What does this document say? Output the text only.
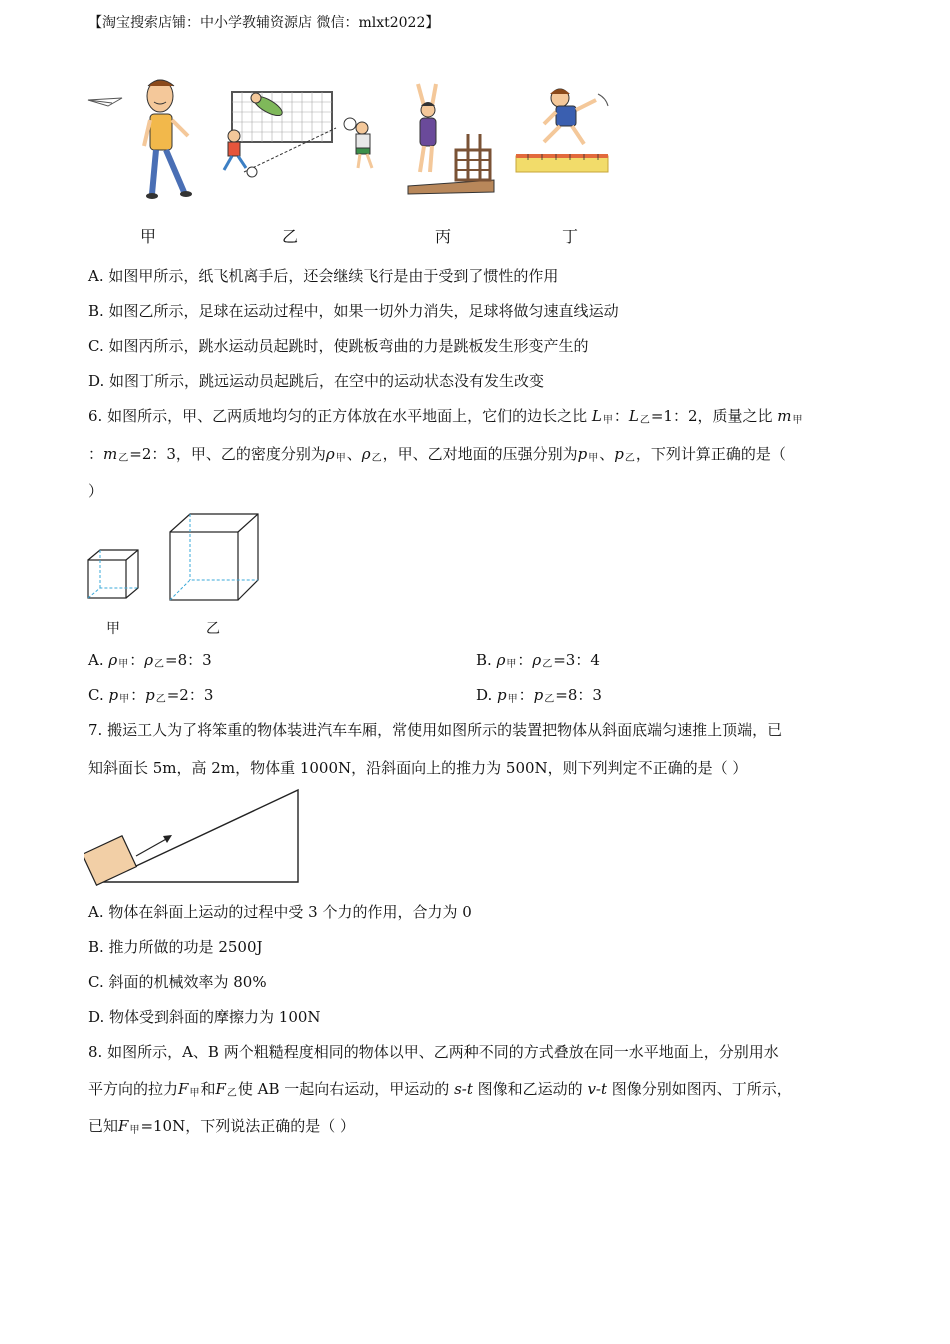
【淘宝搜索店铺：中小学教辅资源店 微信：mlxt2022】
甲	乙	丙	丁
A. 如图甲所示，纸飞机离手后，还会继续飞行是由于受到了惯性的作用
B. 如图乙所示，足球在运动过程中，如果一切外力消失，足球将做匀速直线运动
C. 如图丙所示，跳水运动员起跳时，使跳板弯曲的力是跳板发生形变产生的
D. 如图丁所示，跳远运动员起跳后，在空中的运动状态没有发生改变
6. 如图所示，甲、乙两质地均匀的正方体放在水平地面上，它们的边长之比 $L_甲$：$L_乙=1$：2，质量之比 $m_甲$
：$m_乙=2$：3，甲、乙的密度分别为$\rho_甲$、$\rho_乙$，甲、乙对地面的压强分别为$p_甲$、$p_乙$，下列计算正确的是（
）
甲	乙
A. $\rho_甲$：$\rho_乙=8$：3	B. $\rho_甲$：$\rho_乙=3$：4
C. $p_甲$：$p_乙=2$：3	D. $p_甲$：$p_乙=8$：3
7. 搬运工人为了将笨重的物体装进汽车车厢，常使用如图所示的装置把物体从斜面底端匀速推上顶端，已
知斜面长 5m，高 2m，物体重 1000N，沿斜面向上的推力为 500N，则下列判定不正确的是（ ）
A. 物体在斜面上运动的过程中受 3 个力的作用，合力为 0
B. 推力所做的功是 2500J
C. 斜面的机械效率为 80%
D. 物体受到斜面的摩擦力为 100N
8. 如图所示，A、B 两个粗糙程度相同的物体以甲、乙两种不同的方式叠放在同一水平地面上，分别用水
平方向的拉力$F_甲$和$F_乙$使 AB 一起向右运动，甲运动的 s-t 图像和乙运动的 v-t 图像分别如图丙、丁所示，
已知$F_甲=10N$，下列说法正确的是（ ）
